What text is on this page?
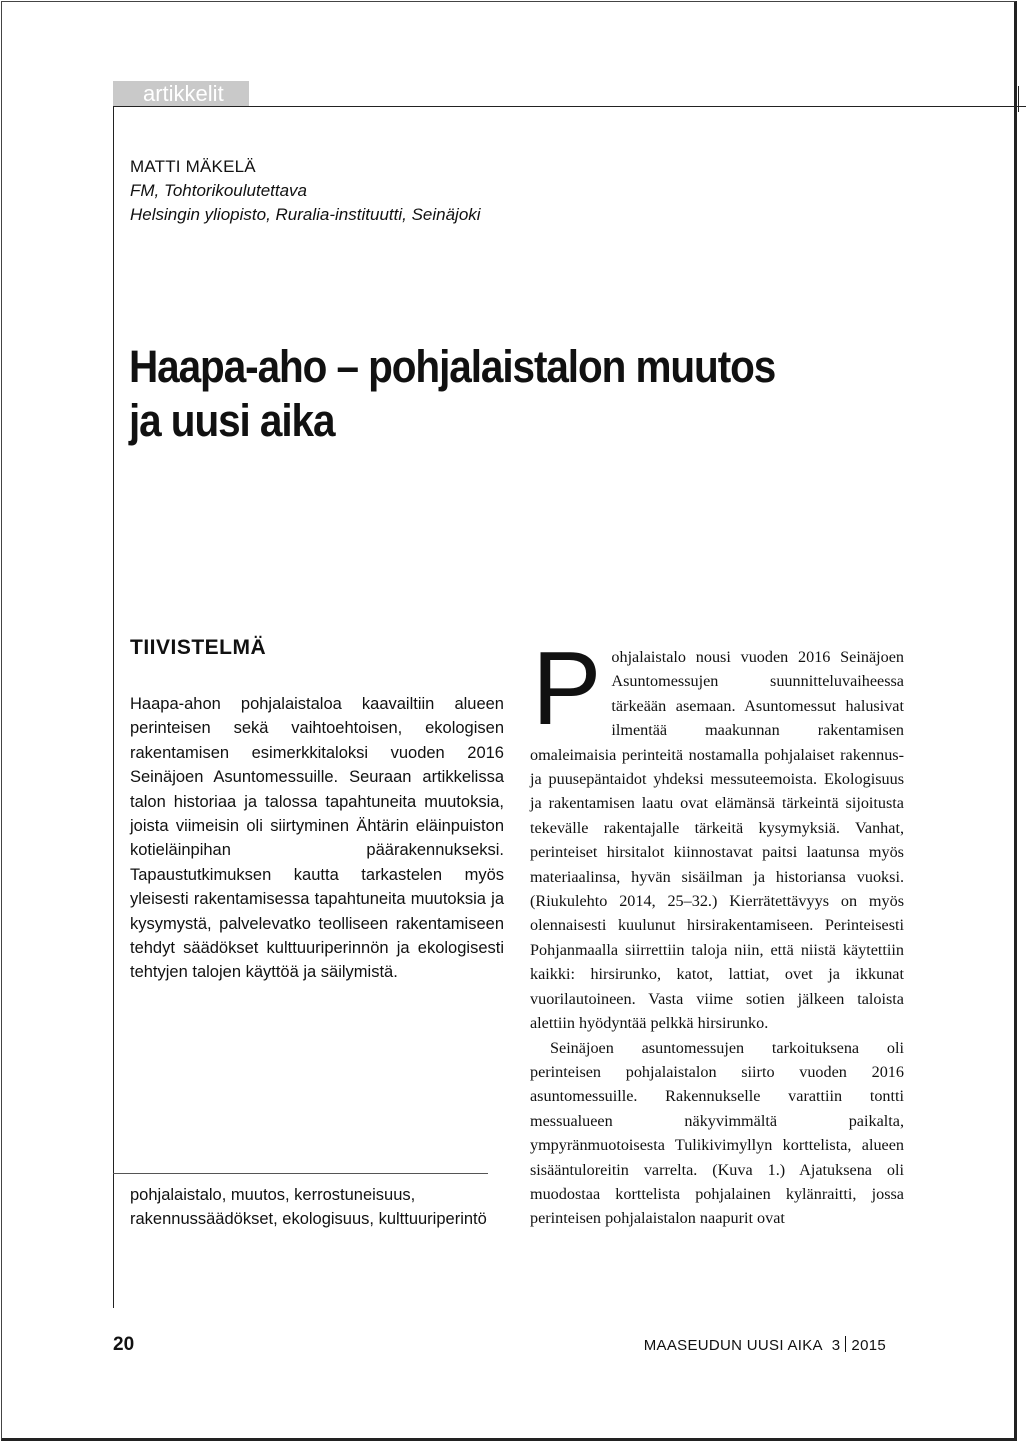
artikkelit
MATTI MÄKELÄ
FM, Tohtorikoulutettava
Helsingin yliopisto, Ruralia-instituutti, Seinäjoki
Haapa-aho – pohjalaistalon muutos ja uusi aika
TIIVISTELMÄ

Haapa-ahon pohjalaistaloa kaavailtiin alueen perinteisen sekä vaihtoehtoisen, ekologisen rakentamisen esimerkkitaloksi vuoden 2016 Seinäjoen Asuntomessuille. Seuraan artikkelissa talon historiaa ja talossa tapahtuneita muutoksia, joista viimeisin oli siirtyminen Ähtärin eläinpuiston kotieläinpihan päärakennukseksi. Tapaustutkimuksen kautta tarkastelen myös yleisesti rakentamisessa tapahtuneita muutoksia ja kysymystä, palvelevatko teolliseen rakentamiseen tehdyt säädökset kulttuuriperinnön ja ekologisesti tehtyjen talojen käyttöä ja säilymistä.

pohjalaistalo, muutos, kerrostuneisuus, rakennussäädökset, ekologisuus, kulttuuriperintö

Pohjalaistalo nousi vuoden 2016 Seinäjoen Asuntomessujen suunnitteluvaiheessa tärkeään asemaan. Asuntomessut halusivat ilmentää maakunnan rakentamisen omaleimaisia perinteitä nostamalla pohjalaiset rakennus- ja puusepäntaidot yhdeksi messuteemoista. Ekologisuus ja rakentamisen laatu ovat elämänsä tärkeintä sijoitusta tekevälle rakentajalle tärkeitä kysymyksiä. Vanhat, perinteiset hirsitalot kiinnostavat paitsi laatunsa myös materiaalinsa, hyvän sisäilman ja historiansa vuoksi. (Riukulehto 2014, 25–32.) Kierrätettävyys on myös olennaisesti kuulunut hirsirakentamiseen. Perinteisesti Pohjanmaalla siirrettiin taloja niin, että niistä käytettiin kaikki: hirsirunko, katot, lattiat, ovet ja ikkunat vuorilautoineen. Vasta viime sotien jälkeen taloista alettiin hyödyntää pelkkä hirsirunko.

Seinäjoen asuntomessujen tarkoituksena oli perinteisen pohjalaistalon siirto vuoden 2016 asuntomessuille. Rakennukselle varattiin tontti messualueen näkyvimmältä paikalta, ympyränmuotoisesta Tulikivimyllyn korttelista, alueen sisääntuloreitin varrelta. (Kuva 1.) Ajatuksena oli muodostaa korttelista pohjalainen kylänraitti, jossa perinteisen pohjalaistalon naapurit ovat

20	MAASEUDUN UUSI AIKA 3 2015
